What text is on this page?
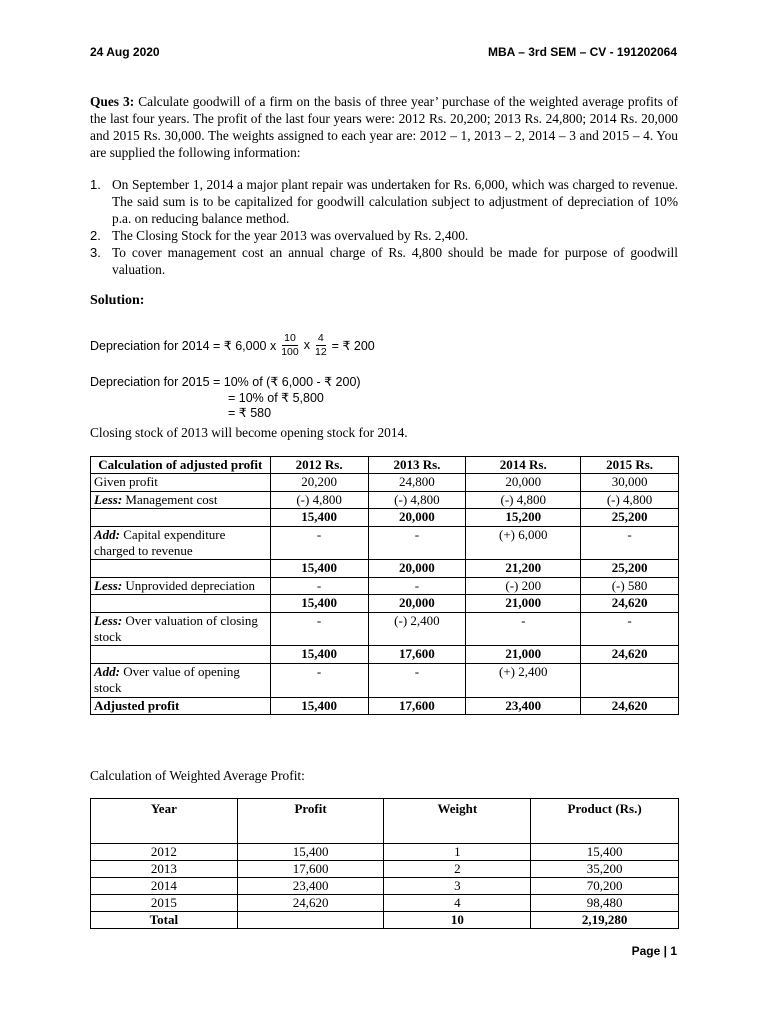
24 Aug 2020	MBA – 3rd SEM – CV - 191202064
Ques 3: Calculate goodwill of a firm on the basis of three year’ purchase of the weighted average profits of the last four years. The profit of the last four years were: 2012 Rs. 20,200; 2013 Rs. 24,800; 2014 Rs. 20,000 and 2015 Rs. 30,000. The weights assigned to each year are: 2012 – 1, 2013 – 2, 2014 – 3 and 2015 – 4. You are supplied the following information:
1. On September 1, 2014 a major plant repair was undertaken for Rs. 6,000, which was charged to revenue. The said sum is to be capitalized for goodwill calculation subject to adjustment of depreciation of 10% p.a. on reducing balance method.
2. The Closing Stock for the year 2013 was overvalued by Rs. 2,400.
3. To cover management cost an annual charge of Rs. 4,800 should be made for purpose of goodwill valuation.
Solution:
Depreciation for 2014 = ₹ 6,000 x $\frac{10}{100}$ x $\frac{4}{12}$ = ₹ 200
Depreciation for 2015 = 10% of (₹ 6,000 - ₹ 200)
= 10% of ₹ 5,800
= ₹ 580
Closing stock of 2013 will become opening stock for 2014.
Calculation of adjusted profit	2012 Rs.	2013 Rs.	2014 Rs.	2015 Rs.
Given profit	20,200	24,800	20,000	30,000
Less: Management cost	(-) 4,800	(-) 4,800	(-) 4,800	(-) 4,800
	15,400	20,000	15,200	25,200
Add: Capital expenditure charged to revenue	-	-	(+) 6,000	-
	15,400	20,000	21,200	25,200
Less: Unprovided depreciation	-	-	(-) 200	(-) 580
	15,400	20,000	21,000	24,620
Less: Over valuation of closing stock	-	(-) 2,400	-	-
	15,400	17,600	21,000	24,620
Add: Over value of opening stock	-	-	(+) 2,400	
Adjusted profit	15,400	17,600	23,400	24,620
Calculation of Weighted Average Profit:
Year	Profit	Weight	Product (Rs.)
2012	15,400	1	15,400
2013	17,600	2	35,200
2014	23,400	3	70,200
2015	24,620	4	98,480
Total		10	2,19,280
Page | 1
